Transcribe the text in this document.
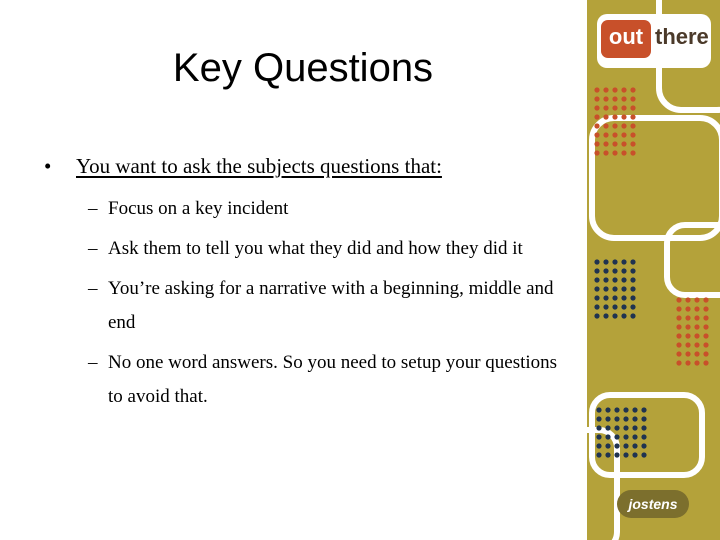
Key Questions
• You want to ask the subjects questions that:
– Focus on a key incident
– Ask them to tell you what they did and how they did it
– You’re asking for a narrative with a beginning, middle and end
– No one word answers. So you need to setup your questions to avoid that.
out there
jostens
